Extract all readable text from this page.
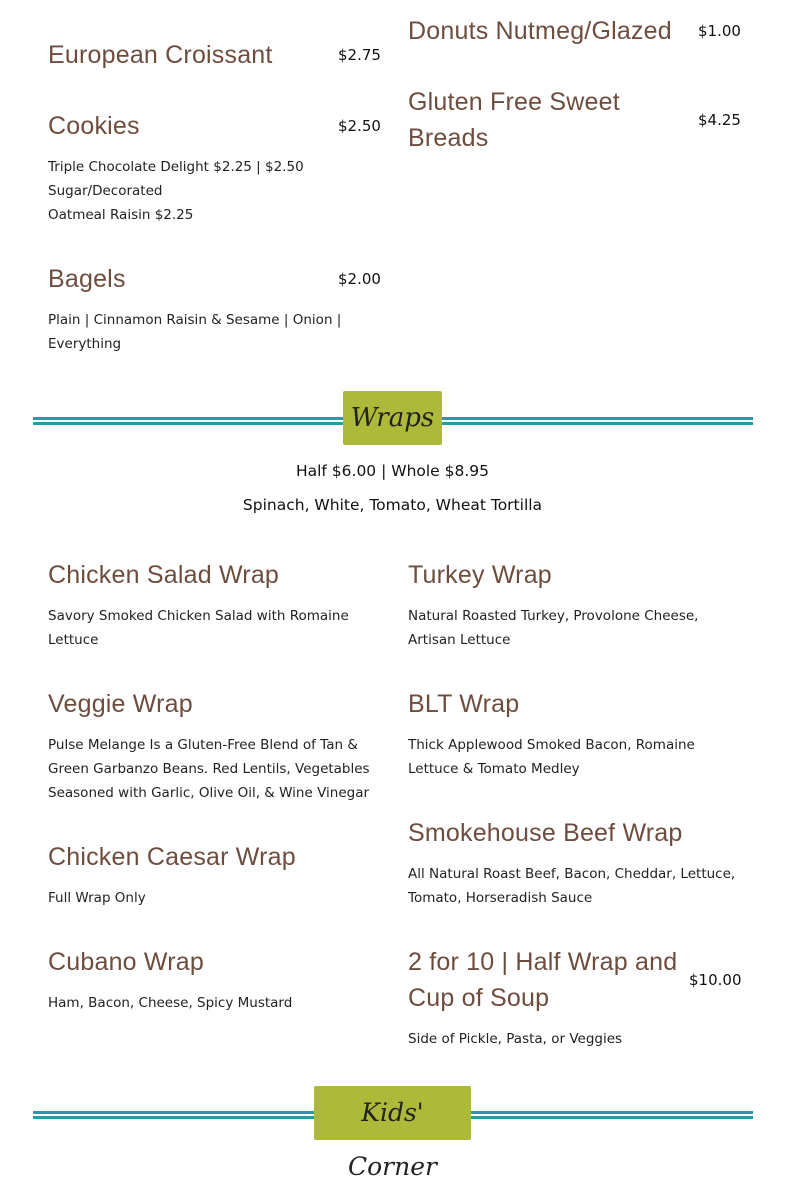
European Croissant	$2.75
Cookies	$2.50
Triple Chocolate Delight $2.25 | $2.50
Sugar/Decorated
Oatmeal Raisin $2.25
Bagels	$2.00
Plain | Cinnamon Raisin & Sesame | Onion |
Everything
Donuts Nutmeg/Glazed $1.00
Gluten Free Sweet
Breads
$4.25
Wraps
Half $6.00 | Whole $8.95
Spinach, White, Tomato, Wheat Tortilla
Chicken Salad Wrap
Savory Smoked Chicken Salad with Romaine
Lettuce
Veggie Wrap
Pulse Melange Is a Gluten-Free Blend of Tan &
Green Garbanzo Beans. Red Lentils, Vegetables
Seasoned with Garlic, Olive Oil, & Wine Vinegar
Chicken Caesar Wrap
Full Wrap Only
Cubano Wrap
Ham, Bacon, Cheese, Spicy Mustard
Turkey Wrap
Natural Roasted Turkey, Provolone Cheese,
Artisan Lettuce
BLT Wrap
Thick Applewood Smoked Bacon, Romaine
Lettuce & Tomato Medley
Smokehouse Beef Wrap
All Natural Roast Beef, Bacon, Cheddar, Lettuce,
Tomato, Horseradish Sauce
2 for 10 | Half Wrap and
Cup of Soup
$10.00
Side of Pickle, Pasta, or Veggies
Kids' Corner
